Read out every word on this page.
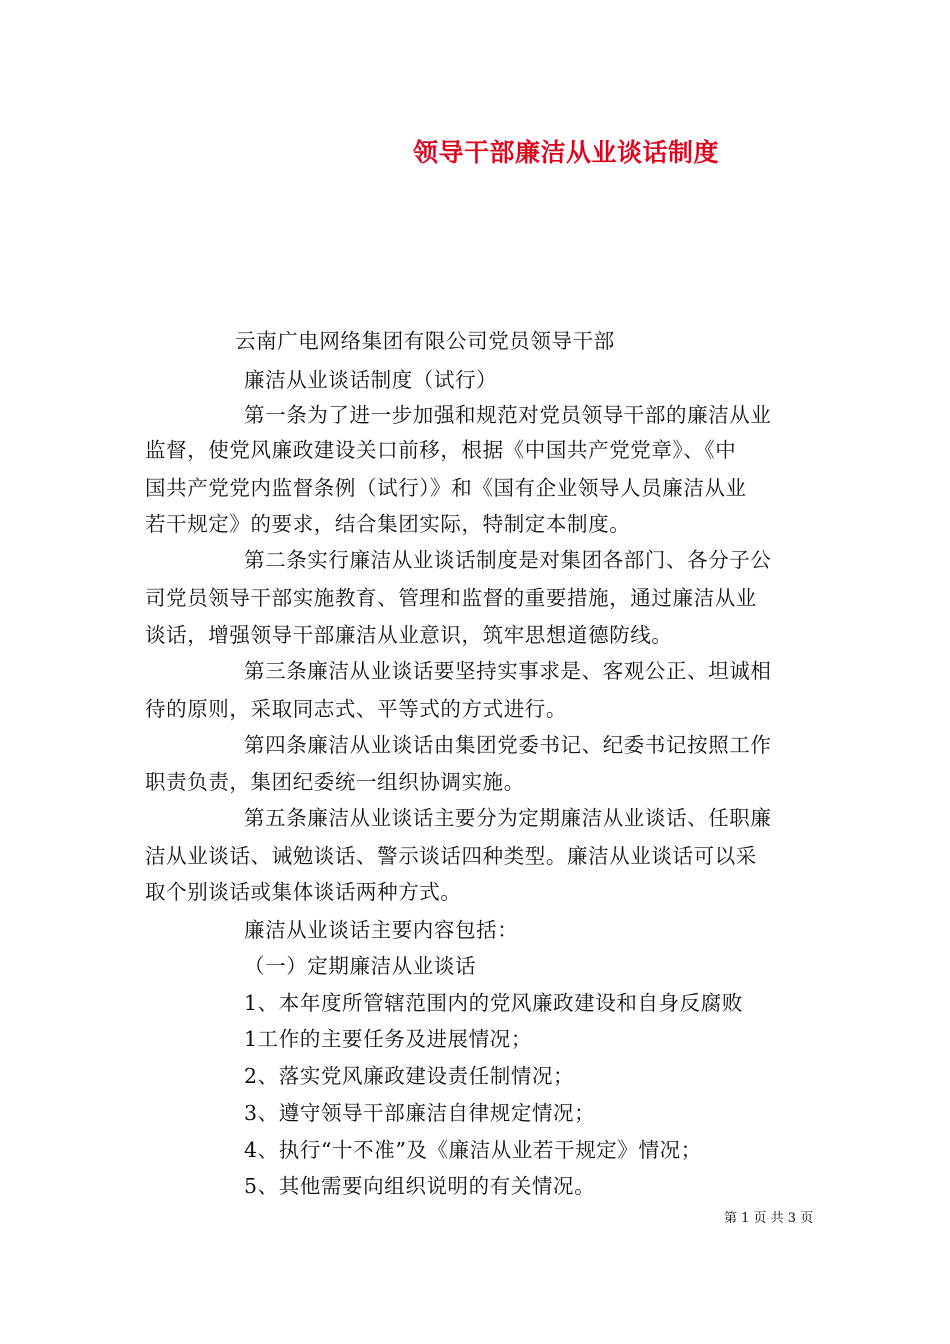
领导干部廉洁从业谈话制度
云南广电网络集团有限公司党员领导干部
廉洁从业谈话制度（试行）
第一条为了进一步加强和规范对党员领导干部的廉洁从业
监督，使党风廉政建设关口前移，根据《中国共产党党章》、《中
国共产党党内监督条例（试行）》和《国有企业领导人员廉洁从业
若干规定》的要求，结合集团实际，特制定本制度。
第二条实行廉洁从业谈话制度是对集团各部门、各分子公
司党员领导干部实施教育、管理和监督的重要措施，通过廉洁从业
谈话，增强领导干部廉洁从业意识，筑牢思想道德防线。
第三条廉洁从业谈话要坚持实事求是、客观公正、坦诚相
待的原则，采取同志式、平等式的方式进行。
第四条廉洁从业谈话由集团党委书记、纪委书记按照工作
职责负责，集团纪委统一组织协调实施。
第五条廉洁从业谈话主要分为定期廉洁从业谈话、任职廉
洁从业谈话、诫勉谈话、警示谈话四种类型。廉洁从业谈话可以采
取个别谈话或集体谈话两种方式。
廉洁从业谈话主要内容包括：
（一）定期廉洁从业谈话
1、本年度所管辖范围内的党风廉政建设和自身反腐败
1工作的主要任务及进展情况；
2、落实党风廉政建设责任制情况；
3、遵守领导干部廉洁自律规定情况；
4、执行“十不准”及《廉洁从业若干规定》情况；
5、其他需要向组织说明的有关情况。
第 1 页 共 3 页
